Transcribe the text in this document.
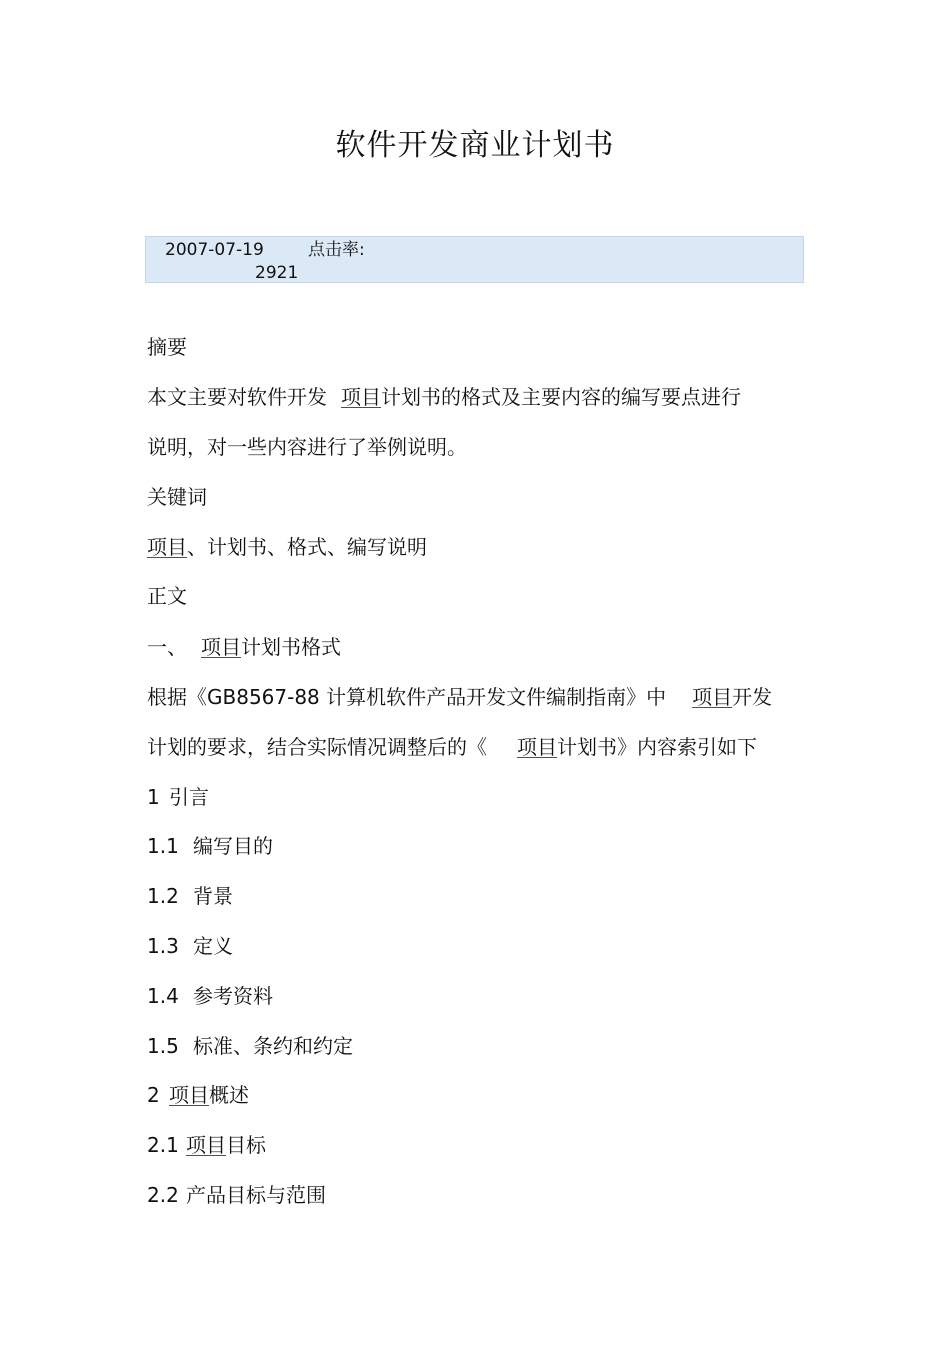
软件开发商业计划书
2007-07-19	点击率:
2921
摘要
本文主要对软件开发 项目计划书的格式及主要内容的编写要点进行
说明，对一些内容进行了举例说明。
关键词
项目、计划书、格式、编写说明
正文
一、 项目计划书格式
根据《GB8567-88 计算机软件产品开发文件编制指南》中 项目开发
计划的要求，结合实际情况调整后的《 项目计划书》内容索引如下
1 引言
1.1 编写目的
1.2 背景
1.3 定义
1.4 参考资料
1.5 标准、条约和约定
2 项目概述
2.1 项目目标
2.2 产品目标与范围
